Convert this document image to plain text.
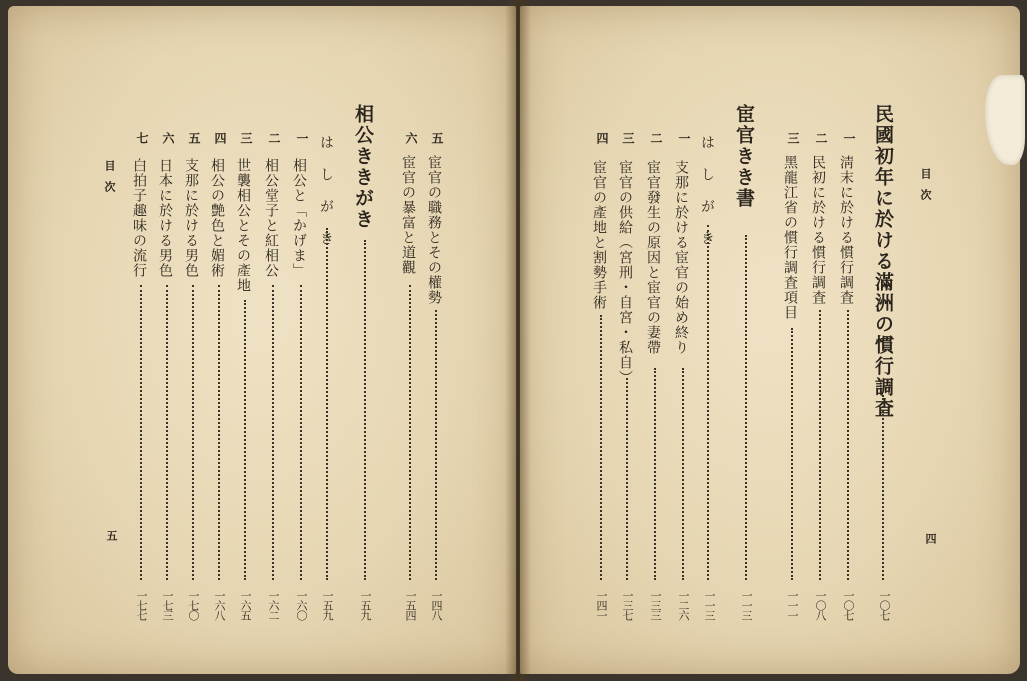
目次
四
民國初年に於ける滿洲の慣行調査
一〇七
一
淸末に於ける慣行調査
一〇七
二
民初に於ける慣行調査
一〇八
三
黑龍江省の慣行調査項目
一一一
宦官きき書
一一三
は し が き
一一三
一
支那に於ける宦官の始め終り
一二六
二
宦官發生の原因と宦官の妻帶
一三三
三
宦官の供給（宮刑・自宮・私自）
一三七
四
宦官の產地と割勢手術
一四一
五
宦官の職務とその權勢
一四八
六
宦官の暴富と道觀
一五四
相公ききがき
一五九
は し が き
一五九
一
相公と「かげま」
一六〇
二
相公堂子と紅相公
一六二
三
世襲相公とその產地
一六五
四
相公の艶色と媚術
一六八
五
支那に於ける男色
一七〇
六
日本に於ける男色
一七三
七
白拍子趣味の流行
一七七
目次
五
